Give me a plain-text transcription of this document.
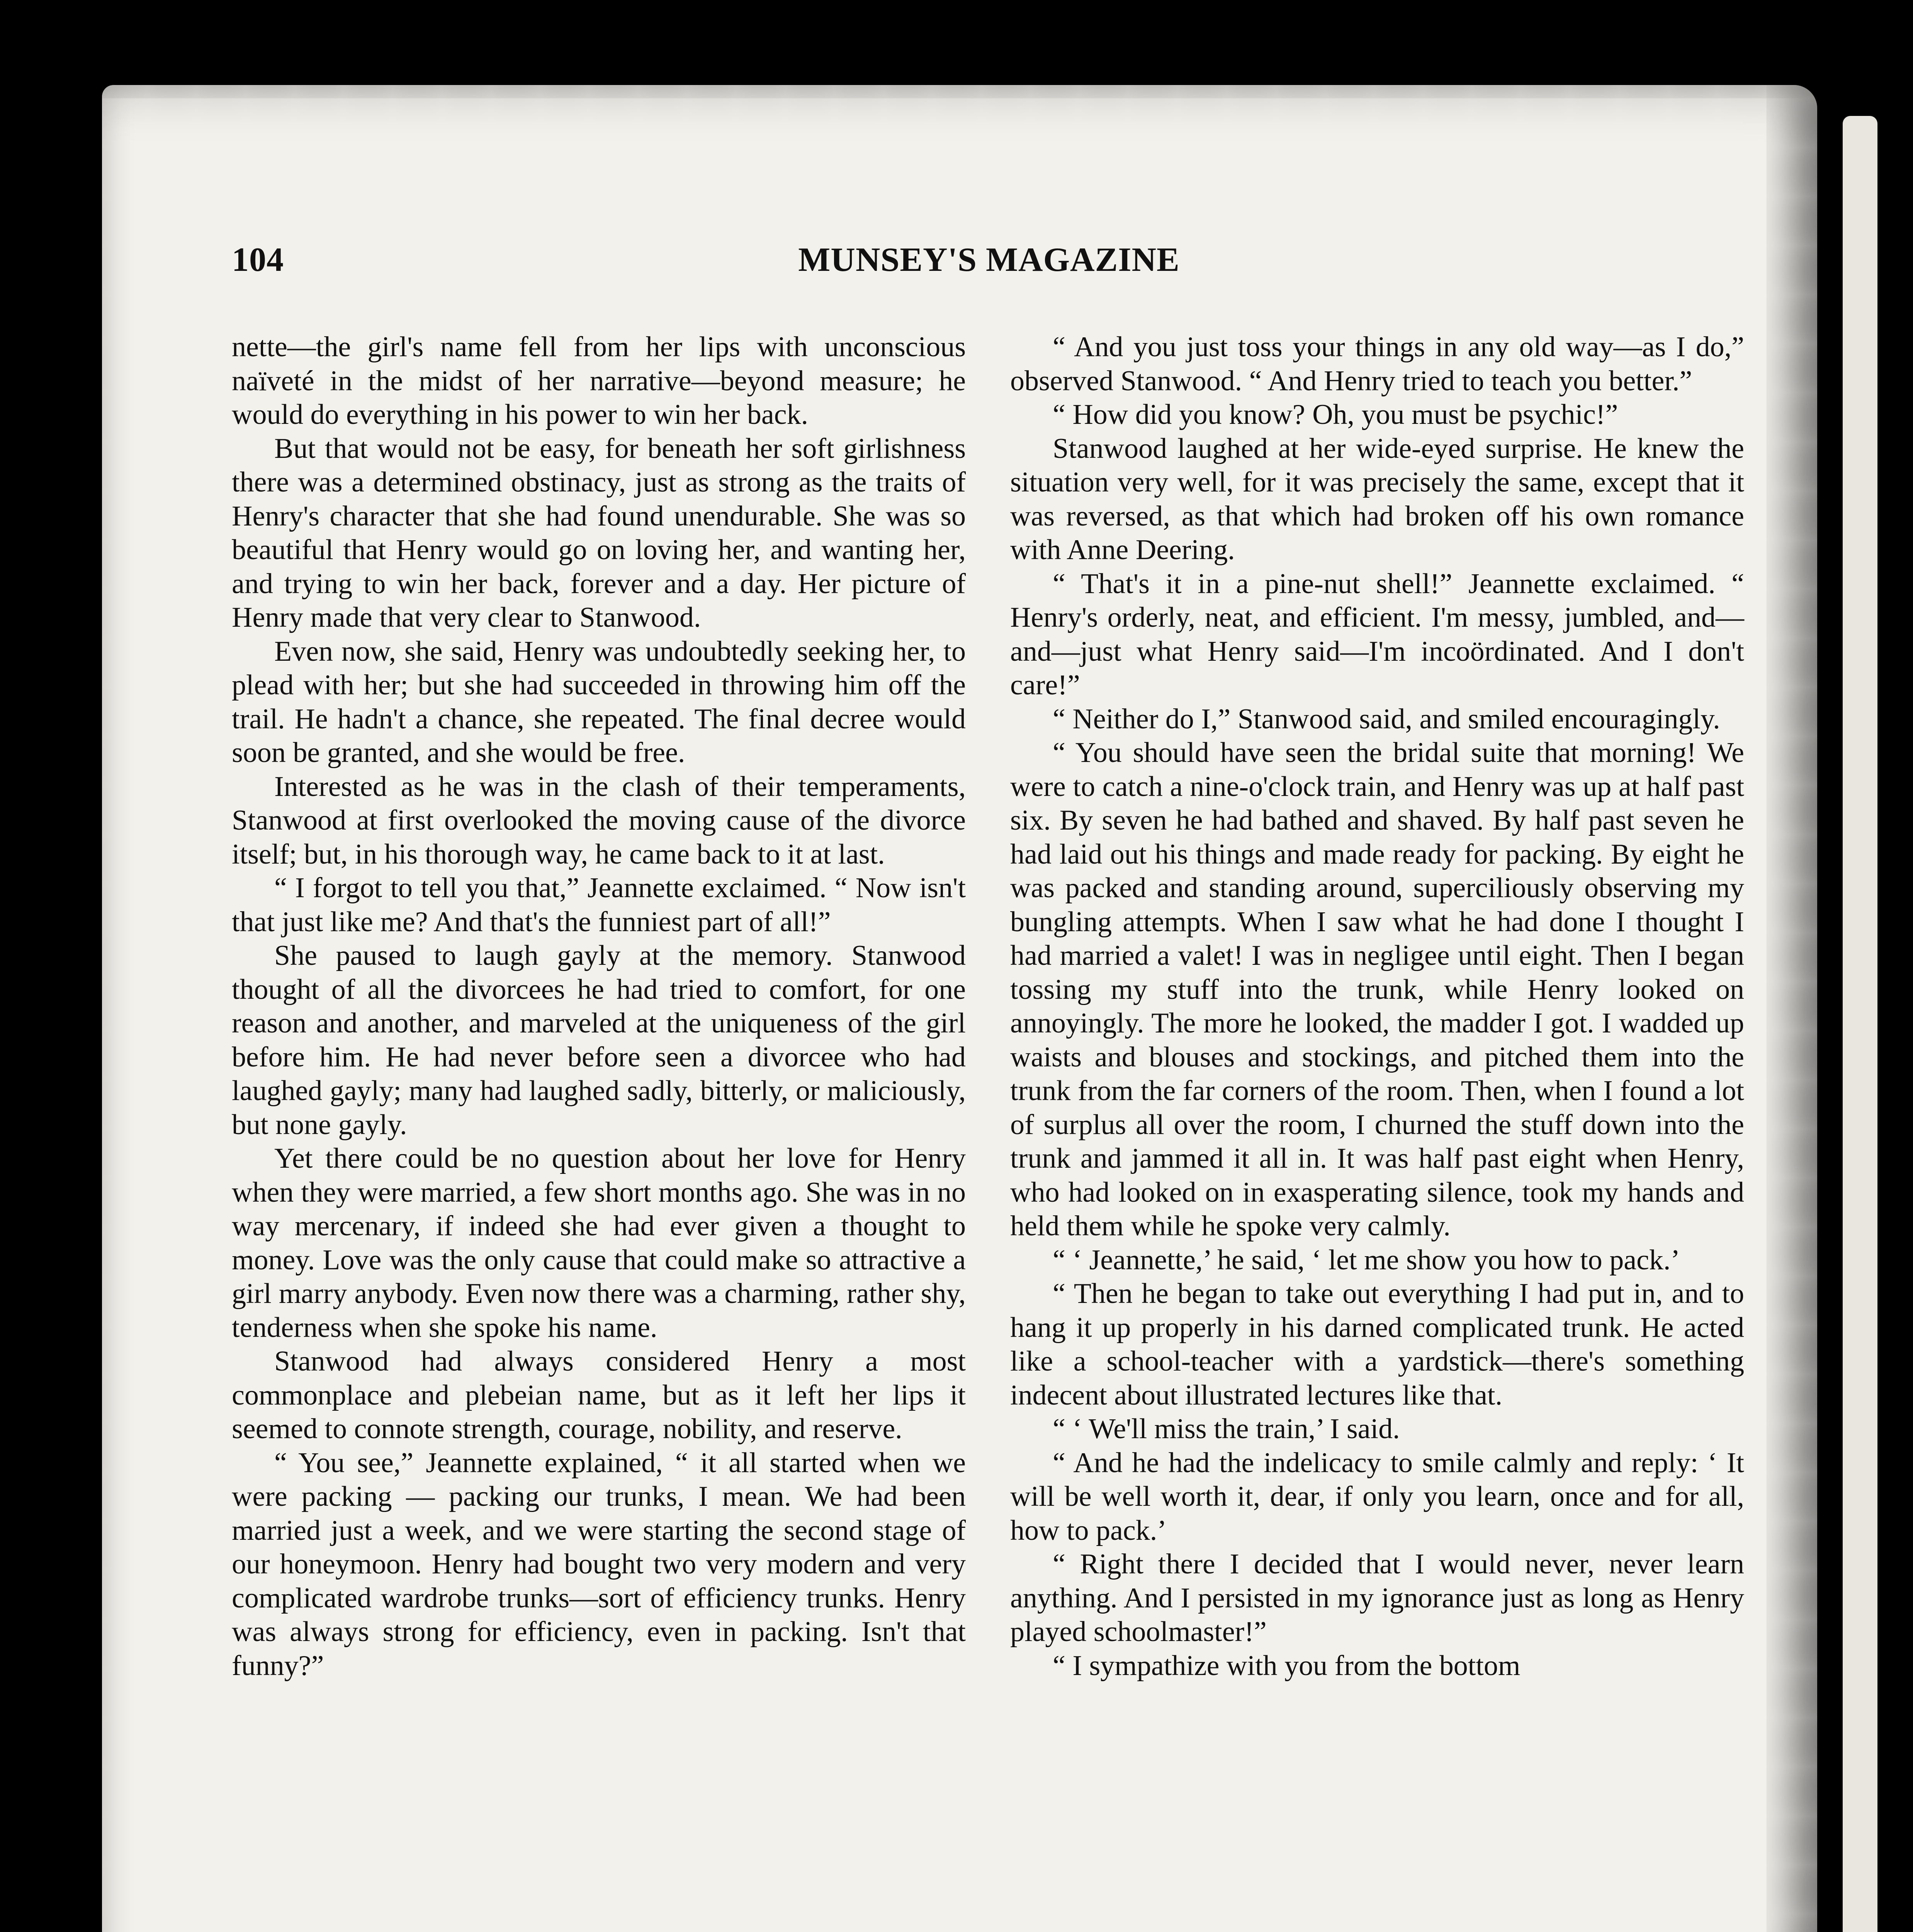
104	MUNSEY'S MAGAZINE

nette—the girl's name fell from her lips with unconscious naïveté in the midst of her narrative—beyond measure; he would do everything in his power to win her back.

But that would not be easy, for beneath her soft girlishness there was a determined obstinacy, just as strong as the traits of Henry's character that she had found unendurable. She was so beautiful that Henry would go on loving her, and wanting her, and trying to win her back, forever and a day. Her picture of Henry made that very clear to Stanwood.

Even now, she said, Henry was undoubtedly seeking her, to plead with her; but she had succeeded in throwing him off the trail. He hadn't a chance, she repeated. The final decree would soon be granted, and she would be free.

Interested as he was in the clash of their temperaments, Stanwood at first overlooked the moving cause of the divorce itself; but, in his thorough way, he came back to it at last.

“ I forgot to tell you that,” Jeannette exclaimed. “ Now isn't that just like me? And that's the funniest part of all!”

She paused to laugh gayly at the memory. Stanwood thought of all the divorcees he had tried to comfort, for one reason and another, and marveled at the uniqueness of the girl before him. He had never before seen a divorcee who had laughed gayly; many had laughed sadly, bitterly, or maliciously, but none gayly.

Yet there could be no question about her love for Henry when they were married, a few short months ago. She was in no way mercenary, if indeed she had ever given a thought to money. Love was the only cause that could make so attractive a girl marry anybody. Even now there was a charming, rather shy, tenderness when she spoke his name.

Stanwood had always considered Henry a most commonplace and plebeian name, but as it left her lips it seemed to connote strength, courage, nobility, and reserve.

“ You see,” Jeannette explained, “ it all started when we were packing — packing our trunks, I mean. We had been married just a week, and we were starting the second stage of our honeymoon. Henry had bought two very modern and very complicated wardrobe trunks—sort of efficiency trunks. Henry was always strong for efficiency, even in packing. Isn't that funny?”

“ And you just toss your things in any old way—as I do,” observed Stanwood. “ And Henry tried to teach you better.”

“ How did you know? Oh, you must be psychic!”

Stanwood laughed at her wide-eyed surprise. He knew the situation very well, for it was precisely the same, except that it was reversed, as that which had broken off his own romance with Anne Deering.

“ That's it in a pine-nut shell!” Jeannette exclaimed. “ Henry's orderly, neat, and efficient. I'm messy, jumbled, and—and—just what Henry said—I'm incoördinated. And I don't care!”

“ Neither do I,” Stanwood said, and smiled encouragingly.

“ You should have seen the bridal suite that morning! We were to catch a nine-o'clock train, and Henry was up at half past six. By seven he had bathed and shaved. By half past seven he had laid out his things and made ready for packing. By eight he was packed and standing around, superciliously observing my bungling attempts. When I saw what he had done I thought I had married a valet! I was in negligee until eight. Then I began tossing my stuff into the trunk, while Henry looked on annoyingly. The more he looked, the madder I got. I wadded up waists and blouses and stockings, and pitched them into the trunk from the far corners of the room. Then, when I found a lot of surplus all over the room, I churned the stuff down into the trunk and jammed it all in. It was half past eight when Henry, who had looked on in exasperating silence, took my hands and held them while he spoke very calmly.

“ ‘ Jeannette,’ he said, ‘ let me show you how to pack.’

“ Then he began to take out everything I had put in, and to hang it up properly in his darned complicated trunk. He acted like a school-teacher with a yardstick—there's something indecent about illustrated lectures like that.

“ ‘ We'll miss the train,’ I said.

“ And he had the indelicacy to smile calmly and reply: ‘ It will be well worth it, dear, if only you learn, once and for all, how to pack.’

“ Right there I decided that I would never, never learn anything. And I persisted in my ignorance just as long as Henry played schoolmaster!”

“ I sympathize with you from the bottom
